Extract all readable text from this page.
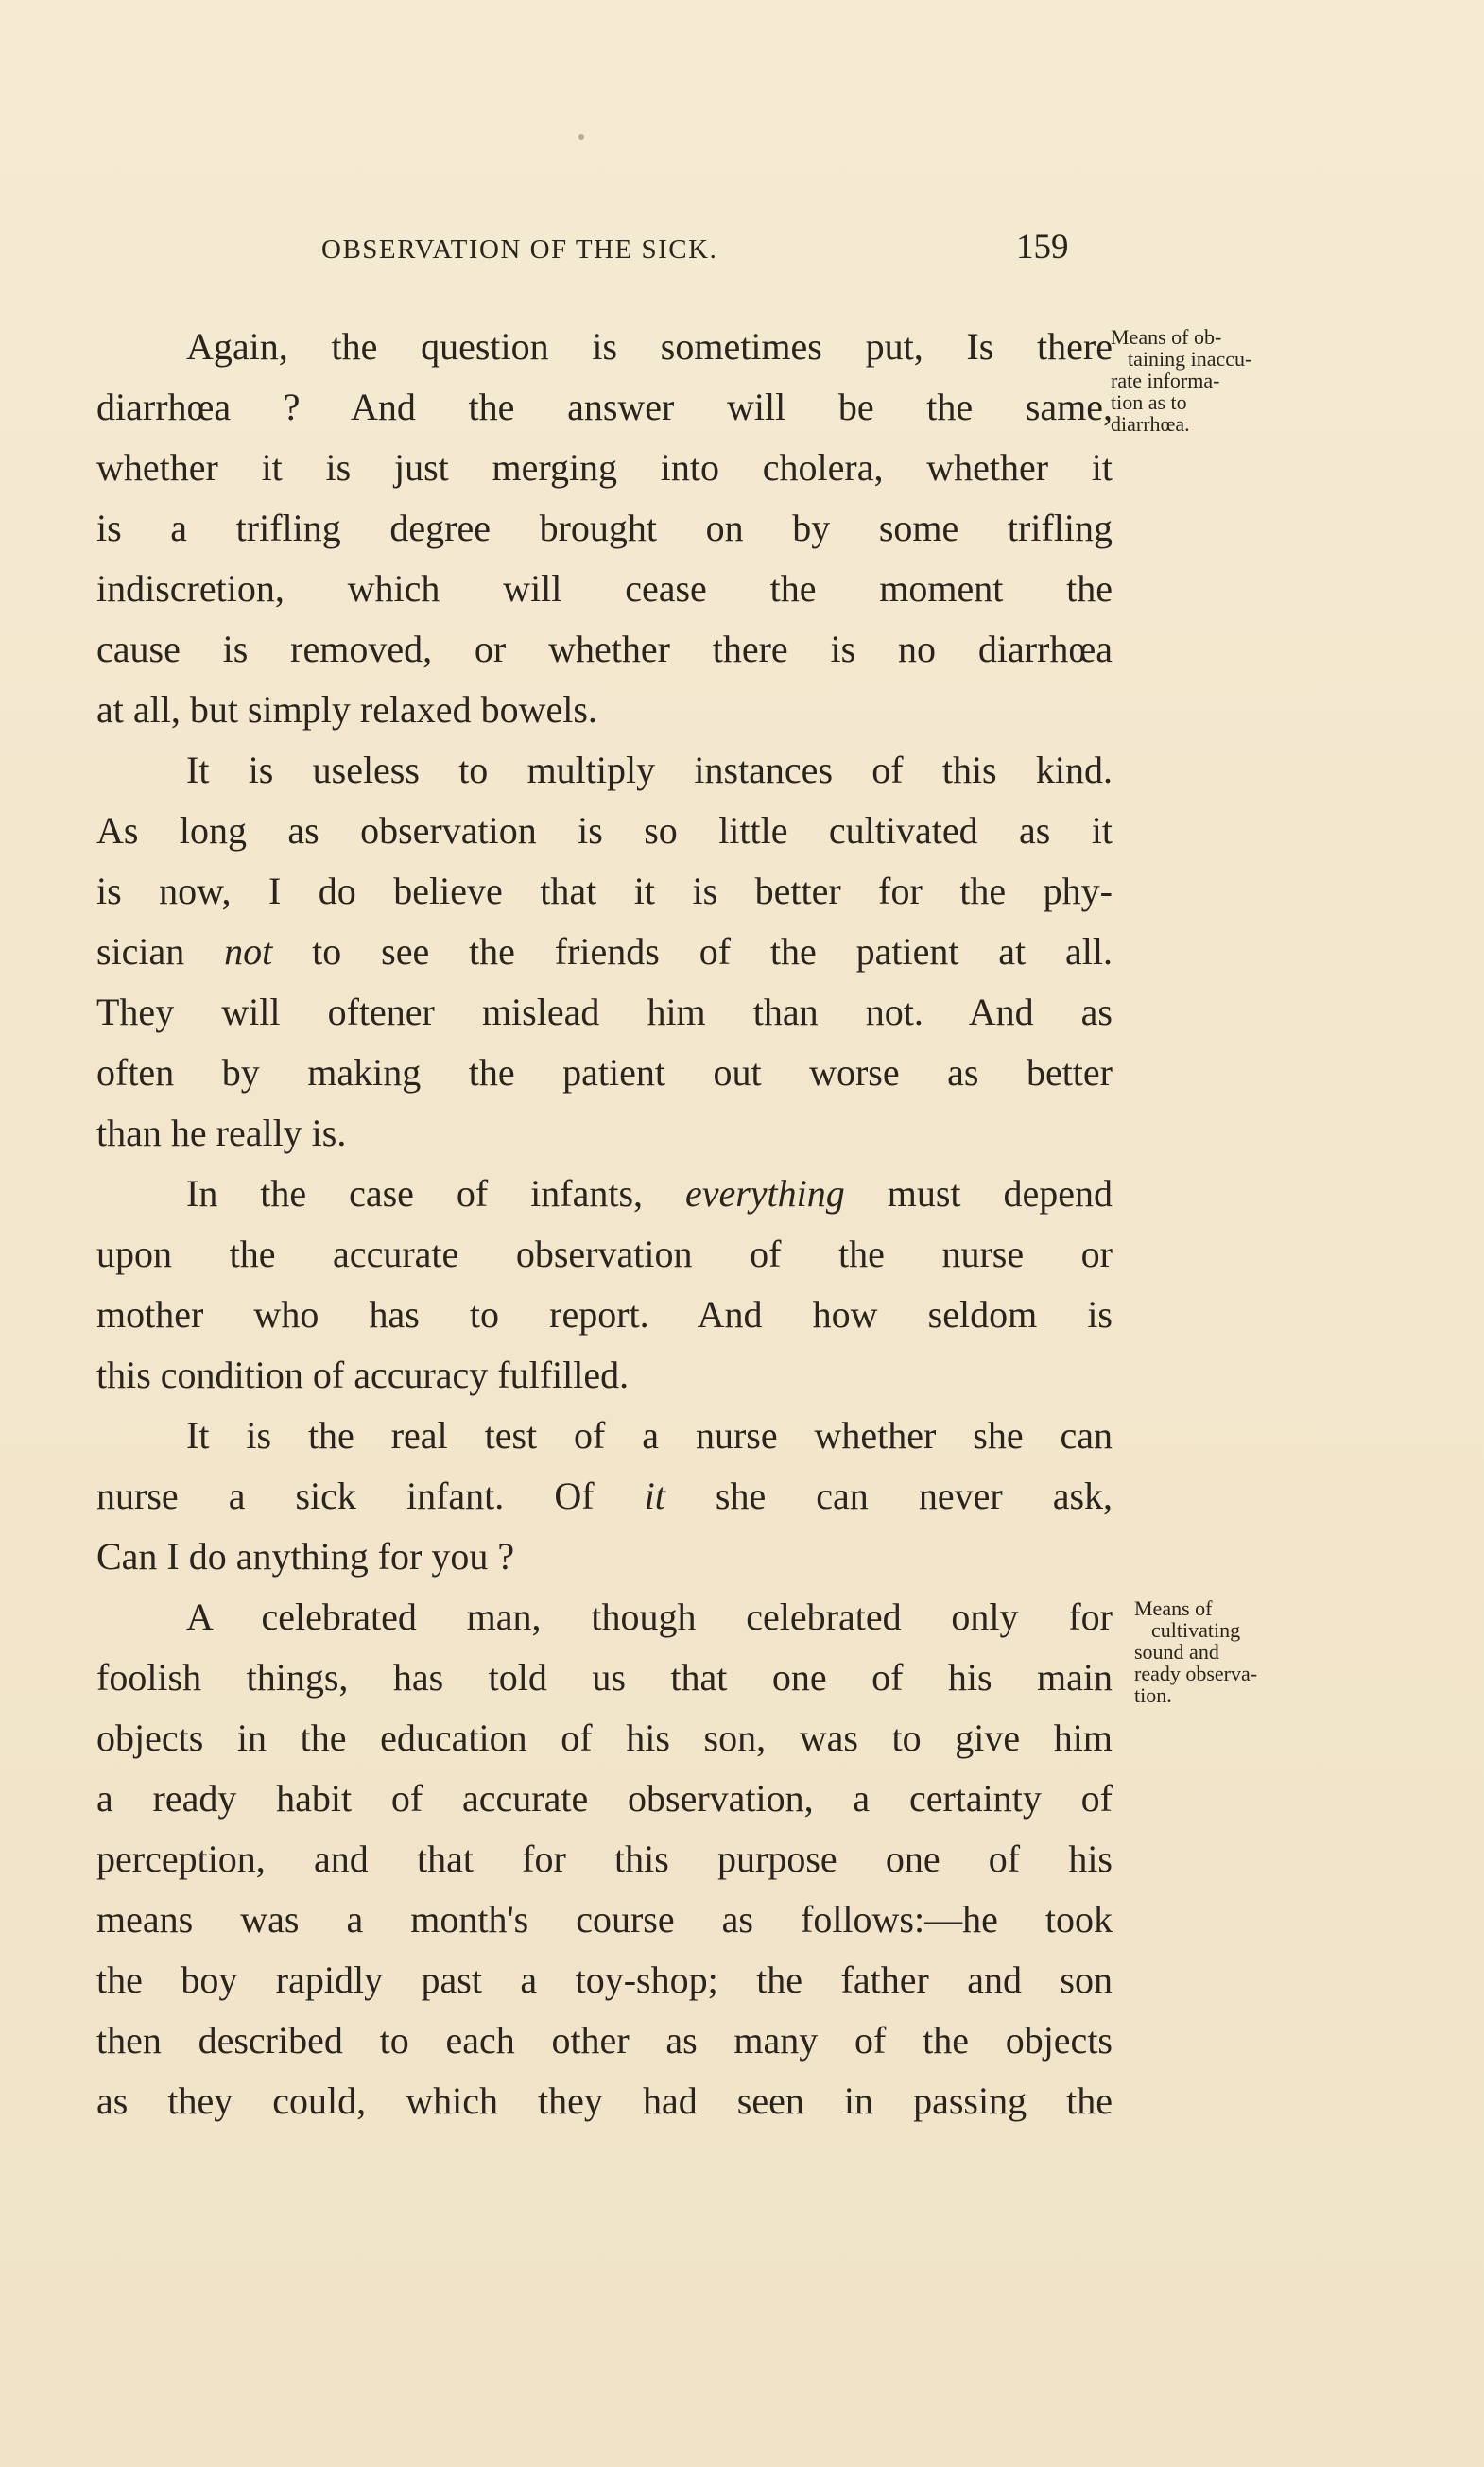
OBSERVATION OF THE SICK.	159

Again, the question is sometimes put, Is there
diarrhœa ? And the answer will be the same,
whether it is just merging into cholera, whether it
is a trifling degree brought on by some trifling
indiscretion, which will cease the moment the
cause is removed, or whether there is no diarrhœa
at all, but simply relaxed bowels.

It is useless to multiply instances of this kind.
As long as observation is so little cultivated as it
is now, I do believe that it is better for the phy-
sician not to see the friends of the patient at all.
They will oftener mislead him than not. And as
often by making the patient out worse as better
than he really is.

In the case of infants, everything must depend
upon the accurate observation of the nurse or
mother who has to report. And how seldom is
this condition of accuracy fulfilled.

It is the real test of a nurse whether she can
nurse a sick infant. Of it she can never ask,
Can I do anything for you ?

A celebrated man, though celebrated only for
foolish things, has told us that one of his main
objects in the education of his son, was to give him
a ready habit of accurate observation, a certainty of
perception, and that for this purpose one of his
means was a month's course as follows:—he took
the boy rapidly past a toy-shop; the father and son
then described to each other as many of the objects
as they could, which they had seen in passing the

Means of ob-
taining inaccu-
rate informa-
tion as to
diarrhœa.
Means of
cultivating
sound and
ready observa-
tion.
